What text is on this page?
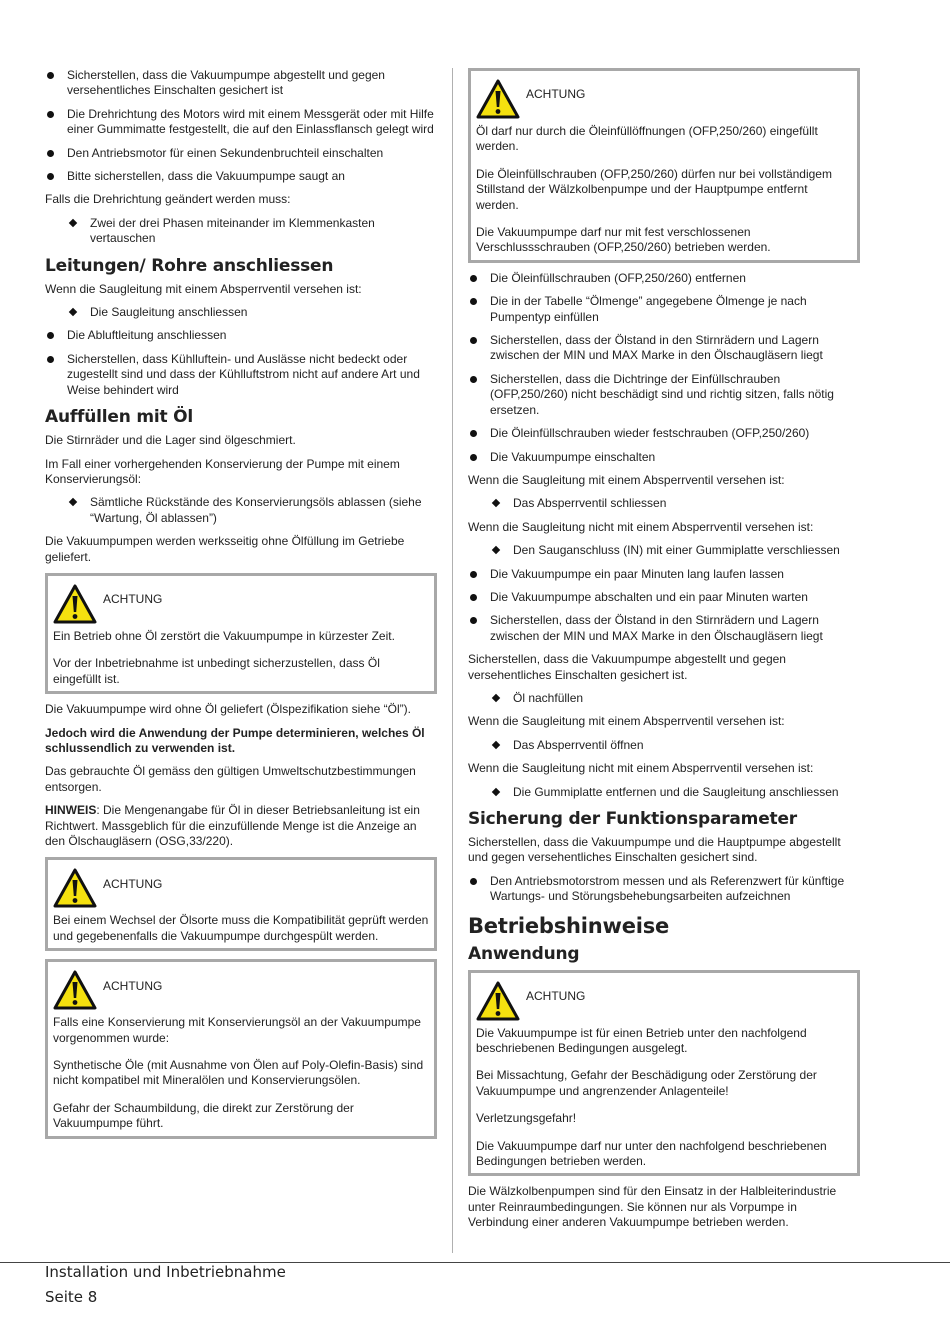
Sicherstellen, dass die Vakuumpumpe abgestellt und gegen versehentliches Einschalten gesichert ist
Die Drehrichtung des Motors wird mit einem Messgerät oder mit Hilfe einer Gummimatte festgestellt, die auf den Einlassflansch gelegt wird
Den Antriebsmotor für einen Sekundenbruchteil einschalten
Bitte sicherstellen, dass die Vakuumpumpe saugt an

Falls die Drehrichtung geändert werden muss:

Zwei der drei Phasen miteinander im Klemmenkasten vertauschen
Leitungen/ Rohre anschliessen

Wenn die Saugleitung mit einem Absperrventil versehen ist:

Die Saugleitung anschliessen
Die Abluftleitung anschliessen
Sicherstellen, dass Kühlluftein- und Auslässe nicht bedeckt oder zugestellt sind und dass der Kühlluftstrom nicht auf andere Art und Weise behindert wird
Auffüllen mit Öl

Die Stirnräder und die Lager sind ölgeschmiert.

Im Fall einer vorhergehenden Konservierung der Pumpe mit einem Konservierungsöl:

Sämtliche Rückstände des Konservierungsöls ablassen (siehe “Wartung, Öl ablassen”)

Die Vakuumpumpen werden werksseitig ohne Ölfüllung im Getriebe geliefert.

ACHTUNG

Ein Betrieb ohne Öl zerstört die Vakuumpumpe in kürzester Zeit.

Vor der Inbetriebnahme ist unbedingt sicherzustellen, dass Öl eingefüllt ist.

Die Vakuumpumpe wird ohne Öl geliefert (Ölspezifikation siehe “Öl”).

Jedoch wird die Anwendung der Pumpe determinieren, welches Öl schlussendlich zu verwenden ist.

Das gebrauchte Öl gemäss den gültigen Umweltschutzbestimmungen entsorgen.

HINWEIS: Die Mengenangabe für Öl in dieser Betriebsanleitung ist ein Richtwert. Massgeblich für die einzufüllende Menge ist die Anzeige an den Ölschaugläsern (OSG,33/220).

ACHTUNG

Bei einem Wechsel der Ölsorte muss die Kompatibilität geprüft werden und gegebenenfalls die Vakuumpumpe durchgespült werden.

ACHTUNG

Falls eine Konservierung mit Konservierungsöl an der Vakuumpumpe vorgenommen wurde:

Synthetische Öle (mit Ausnahme von Ölen auf Poly-Olefin-Basis) sind nicht kompatibel mit Mineralölen und Konservierungsölen.

Gefahr der Schaumbildung, die direkt zur Zerstörung der Vakuumpumpe führt.

ACHTUNG

Öl darf nur durch die Öleinfüllöffnungen (OFP,250/260) eingefüllt werden.

Die Öleinfüllschrauben (OFP,250/260) dürfen nur bei vollständigem Stillstand der Wälzkolbenpumpe und der Hauptpumpe entfernt werden.

Die Vakuumpumpe darf nur mit fest verschlossenen Verschlussschrauben (OFP,250/260) betrieben werden.

Die Öleinfüllschrauben (OFP,250/260) entfernen
Die in der Tabelle “Ölmenge” angegebene Ölmenge je nach Pumpentyp einfüllen
Sicherstellen, dass der Ölstand in den Stirnrädern und Lagern zwischen der MIN und MAX Marke in den Ölschaugläsern liegt
Sicherstellen, dass die Dichtringe der Einfüllschrauben (OFP,250/260) nicht beschädigt sind und richtig sitzen, falls nötig ersetzen.
Die Öleinfüllschrauben wieder festschrauben (OFP,250/260)
Die Vakuumpumpe einschalten

Wenn die Saugleitung mit einem Absperrventil versehen ist:

Das Absperrventil schliessen

Wenn die Saugleitung nicht mit einem Absperrventil versehen ist:

Den Sauganschluss (IN) mit einer Gummiplatte verschliessen
Die Vakuumpumpe ein paar Minuten lang laufen lassen
Die Vakuumpumpe abschalten und ein paar Minuten warten
Sicherstellen, dass der Ölstand in den Stirnrädern und Lagern zwischen der MIN und MAX Marke in den Ölschaugläsern liegt

Sicherstellen, dass die Vakuumpumpe abgestellt und gegen versehentliches Einschalten gesichert ist.

Öl nachfüllen

Wenn die Saugleitung mit einem Absperrventil versehen ist:

Das Absperrventil öffnen

Wenn die Saugleitung nicht mit einem Absperrventil versehen ist:

Die Gummiplatte entfernen und die Saugleitung anschliessen
Sicherung der Funktionsparameter

Sicherstellen, dass die Vakuumpumpe und die Hauptpumpe abgestellt und gegen versehentliches Einschalten gesichert sind.

Den Antriebsmotorstrom messen und als Referenzwert für künftige Wartungs- und Störungsbehebungsarbeiten aufzeichnen
Betriebshinweise
Anwendung
ACHTUNG

Die Vakuumpumpe ist für einen Betrieb unter den nachfolgend beschriebenen Bedingungen ausgelegt.

Bei Missachtung, Gefahr der Beschädigung oder Zerstörung der Vakuumpumpe und angrenzender Anlagenteile!

Verletzungsgefahr!

Die Vakuumpumpe darf nur unter den nachfolgend beschriebenen Bedingungen betrieben werden.

Die Wälzkolbenpumpen sind für den Einsatz in der Halbleiterindustrie unter Reinraumbedingungen. Sie können nur als Vorpumpe in Verbindung einer anderen Vakuumpumpe betrieben werden.

Installation und Inbetriebnahme
Seite 8
